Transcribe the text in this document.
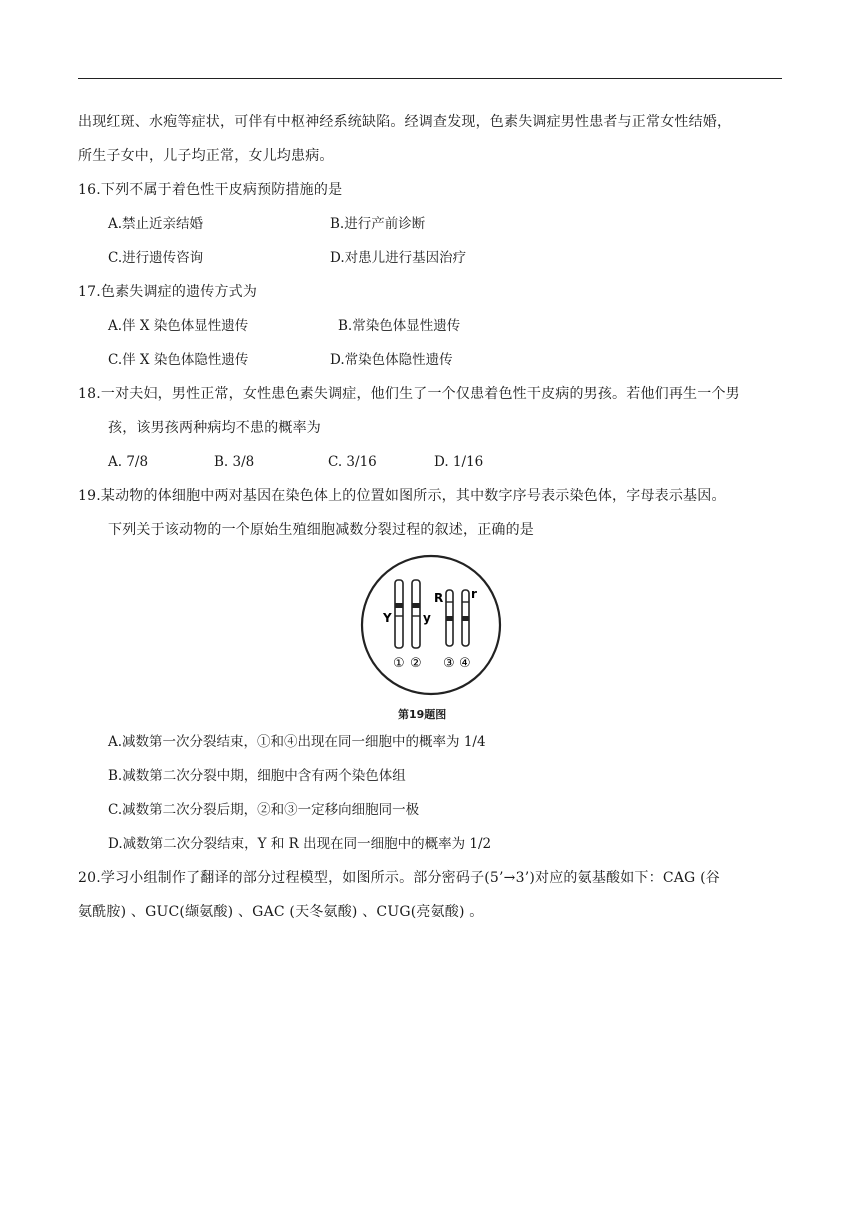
出现红斑、水疱等症状，可伴有中枢神经系统缺陷。经调查发现，色素失调症男性患者与正常女性结婚，
所生子女中，儿子均正常，女儿均患病。
16.下列不属于着色性干皮病预防措施的是
A.禁止近亲结婚	B.进行产前诊断
C.进行遗传咨询	D.对患儿进行基因治疗
17.色素失调症的遗传方式为
A.伴 X 染色体显性遗传	B.常染色体显性遗传
C.伴 X 染色体隐性遗传	D.常染色体隐性遗传
18.一对夫妇，男性正常，女性患色素失调症，他们生了一个仅患着色性干皮病的男孩。若他们再生一个男
孩，该男孩两种病均不患的概率为
A. 7/8	B. 3/8	C. 3/16	D. 1/16
19.某动物的体细胞中两对基因在染色体上的位置如图所示，其中数字序号表示染色体，字母表示基因。
下列关于该动物的一个原始生殖细胞减数分裂过程的叙述，正确的是
Y	y
R r
① ② ③ ④
第19题图
A.减数第一次分裂结束，①和④出现在同一细胞中的概率为 1/4
B.减数第二次分裂中期，细胞中含有两个染色体组
C.减数第二次分裂后期，②和③一定移向细胞同一极
D.减数第二次分裂结束，Y 和 R 出现在同一细胞中的概率为 1/2
20.学习小组制作了翻译的部分过程模型，如图所示。部分密码子(5’→3’)对应的氨基酸如下：CAG (谷
氨酰胺) 、GUC(缬氨酸) 、GAC (天冬氨酸) 、CUG(亮氨酸) 。
